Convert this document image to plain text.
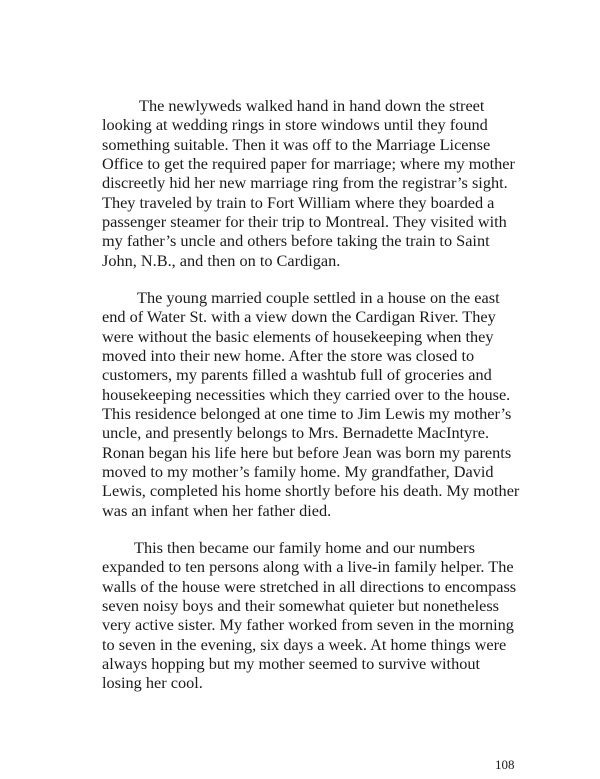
The newlyweds walked hand in hand down the street
looking at wedding rings in store windows until they found
something suitable. Then it was off to the Marriage License
Office to get the required paper for marriage; where my mother
discreetly hid her new marriage ring from the registrar’s sight.
They traveled by train to Fort William where they boarded a
passenger steamer for their trip to Montreal. They visited with
my father’s uncle and others before taking the train to Saint
John, N.B., and then on to Cardigan.

The young married couple settled in a house on the east
end of Water St. with a view down the Cardigan River. They
were without the basic elements of housekeeping when they
moved into their new home. After the store was closed to
customers, my parents filled a washtub full of groceries and
housekeeping necessities which they carried over to the house.
This residence belonged at one time to Jim Lewis my mother’s
uncle, and presently belongs to Mrs. Bernadette MacIntyre.
Ronan began his life here but before Jean was born my parents
moved to my mother’s family home. My grandfather, David
Lewis, completed his home shortly before his death. My mother
was an infant when her father died.

This then became our family home and our numbers
expanded to ten persons along with a live-in family helper. The
walls of the house were stretched in all directions to encompass
seven noisy boys and their somewhat quieter but nonetheless
very active sister. My father worked from seven in the morning
to seven in the evening, six days a week. At home things were
always hopping but my mother seemed to survive without
losing her cool.

108
